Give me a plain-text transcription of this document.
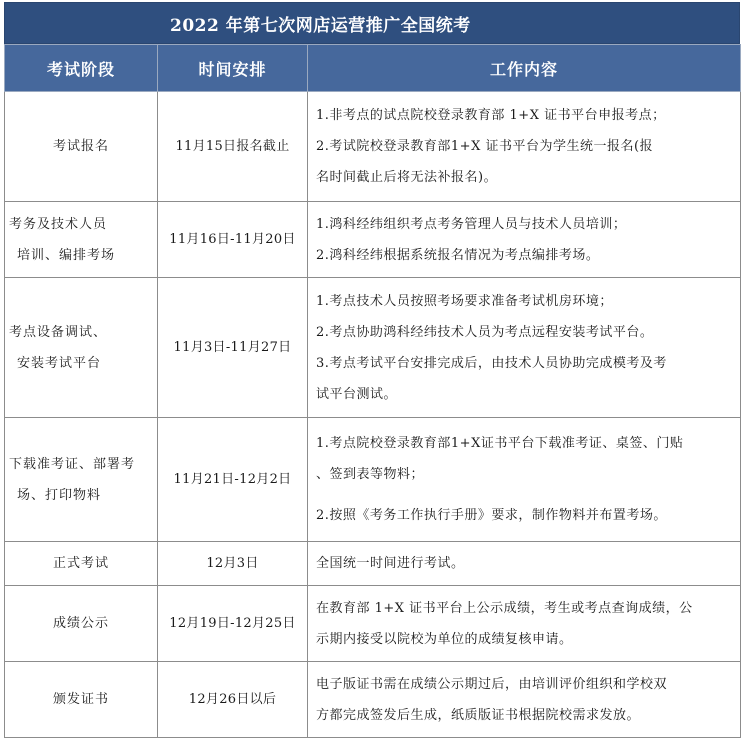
2022 年第七次网店运营推广全国统考
考试阶段	时间安排	工作内容

考试报名	11月15日报名截止	1.非考点的试点院校登录教育部 1+X 证书平台申报考点；
2.考试院校登录教育部1+X 证书平台为学生统一报名(报
名时间截止后将无法补报名)。

考务及技术人员
培训、编排考场	11月16日-11月20日	1.鸿科经纬组织考点考务管理人员与技术人员培训；
2.鸿科经纬根据系统报名情况为考点编排考场。

考点设备调试、
安装考试平台	11月3日-11月27日	1.考点技术人员按照考场要求准备考试机房环境；
2.考点协助鸿科经纬技术人员为考点远程安装考试平台。
3.考点考试平台安排完成后，由技术人员协助完成模考及考
试平台测试。

下载准考证、部署考
场、打印物料	11月21日-12月2日	1.考点院校登录教育部1+X证书平台下载准考证、桌签、门贴
、签到表等物料；
2.按照《考务工作执行手册》要求，制作物料并布置考场。

正式考试	12月3日	全国统一时间进行考试。

成绩公示	12月19日-12月25日	在教育部 1+X 证书平台上公示成绩，考生或考点查询成绩，公
示期内接受以院校为单位的成绩复核申请。

颁发证书	12月26日以后	电子版证书需在成绩公示期过后，由培训评价组织和学校双
方都完成签发后生成，纸质版证书根据院校需求发放。
